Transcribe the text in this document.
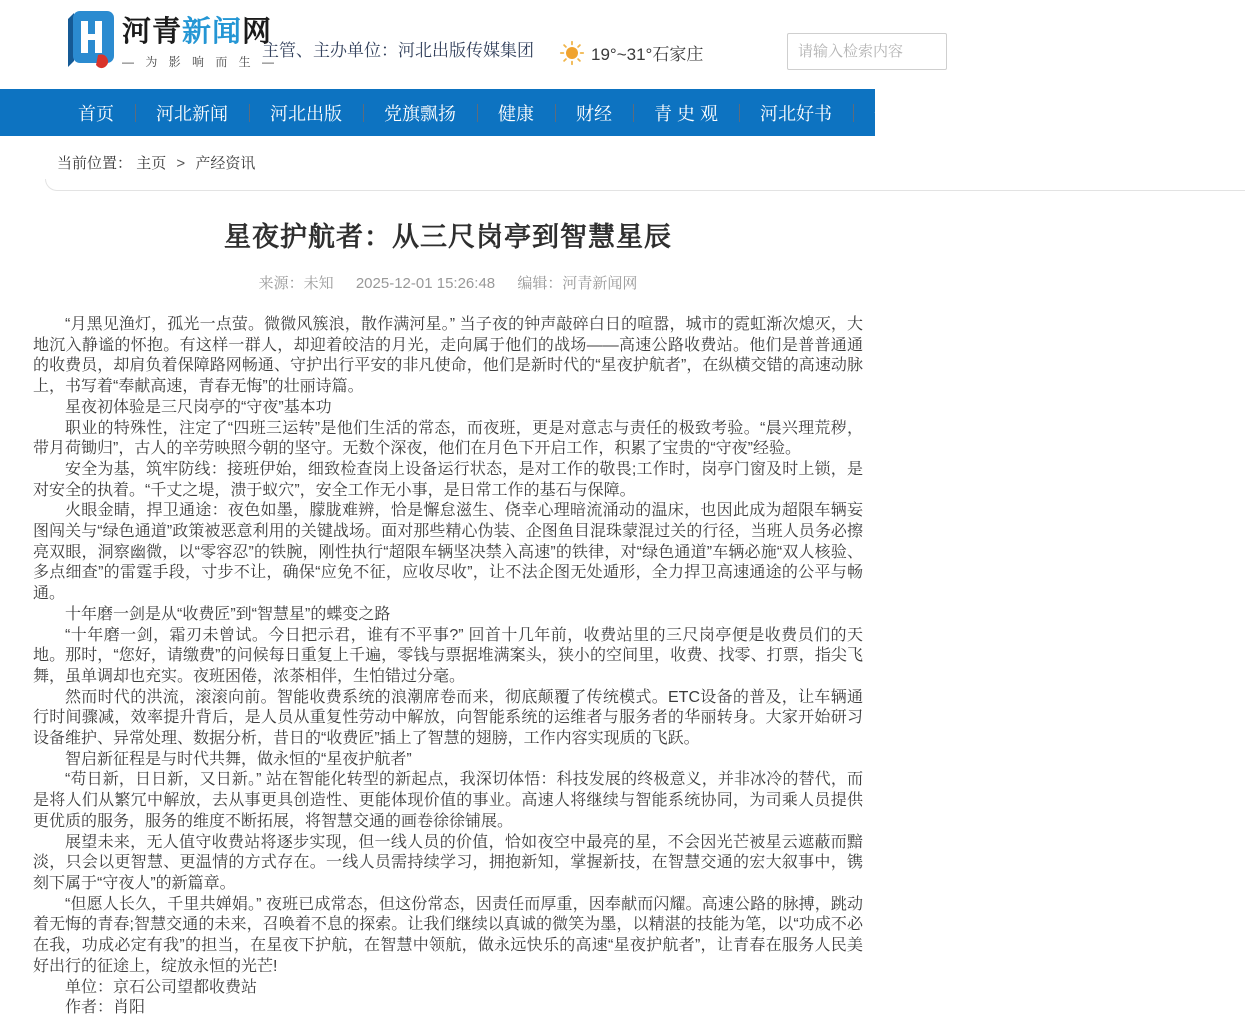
河青新闻网
— 为 影 响 而 生 —
主管、主办单位：河北出版传媒集团	19°~31°石家庄
请输入检索内容
首页	河北新闻	河北出版	党旗飘扬	健康	财经	青 史 观	河北好书	全民辟谣
当前位置： 主页 > 产经资讯
星夜护航者：从三尺岗亭到智慧星辰
来源：未知 2025-12-01 15:26:48 编辑：河青新闻网

“月黑见渔灯，孤光一点萤。微微风簇浪，散作满河星。” 当子夜的钟声敲碎白日的喧嚣，城市的霓虹渐次熄灭，大地沉入静谧的怀抱。有这样一群人，却迎着皎洁的月光，走向属于他们的战场——高速公路收费站。他们是普普通通的收费员，却肩负着保障路网畅通、守护出行平安的非凡使命，他们是新时代的“星夜护航者”，在纵横交错的高速动脉上，书写着“奉献高速，青春无悔”的壮丽诗篇。

星夜初体验是三尺岗亭的“守夜”基本功

职业的特殊性，注定了“四班三运转”是他们生活的常态，而夜班，更是对意志与责任的极致考验。“晨兴理荒秽，带月荷锄归”，古人的辛劳映照今朝的坚守。无数个深夜，他们在月色下开启工作，积累了宝贵的“守夜”经验。

安全为基，筑牢防线：接班伊始，细致检查岗上设备运行状态，是对工作的敬畏;工作时，岗亭门窗及时上锁，是对安全的执着。“千丈之堤，溃于蚁穴”，安全工作无小事，是日常工作的基石与保障。

火眼金睛，捍卫通途：夜色如墨，朦胧难辨，恰是懈怠滋生、侥幸心理暗流涌动的温床，也因此成为超限车辆妄图闯关与“绿色通道”政策被恶意利用的关键战场。面对那些精心伪装、企图鱼目混珠蒙混过关的行径，当班人员务必擦亮双眼，洞察幽微，以“零容忍”的铁腕，刚性执行“超限车辆坚决禁入高速”的铁律，对“绿色通道”车辆必施“双人核验、多点细查”的雷霆手段，寸步不让，确保“应免不征，应收尽收”，让不法企图无处遁形，全力捍卫高速通途的公平与畅通。

十年磨一剑是从“收费匠”到“智慧星”的蝶变之路

“十年磨一剑，霜刃未曾试。今日把示君，谁有不平事?” 回首十几年前，收费站里的三尺岗亭便是收费员们的天地。那时，“您好，请缴费”的问候每日重复上千遍，零钱与票据堆满案头，狭小的空间里，收费、找零、打票，指尖飞舞，虽单调却也充实。夜班困倦，浓茶相伴，生怕错过分毫。

然而时代的洪流，滚滚向前。智能收费系统的浪潮席卷而来，彻底颠覆了传统模式。ETC设备的普及，让车辆通行时间骤减，效率提升背后，是人员从重复性劳动中解放，向智能系统的运维者与服务者的华丽转身。大家开始研习设备维护、异常处理、数据分析，昔日的“收费匠”插上了智慧的翅膀，工作内容实现质的飞跃。

智启新征程是与时代共舞，做永恒的“星夜护航者”

“苟日新，日日新，又日新。” 站在智能化转型的新起点，我深切体悟：科技发展的终极意义，并非冰冷的替代，而是将人们从繁冗中解放，去从事更具创造性、更能体现价值的事业。高速人将继续与智能系统协同，为司乘人员提供更优质的服务，服务的维度不断拓展，将智慧交通的画卷徐徐铺展。

展望未来，无人值守收费站将逐步实现，但一线人员的价值，恰如夜空中最亮的星，不会因光芒被星云遮蔽而黯淡，只会以更智慧、更温情的方式存在。一线人员需持续学习，拥抱新知，掌握新技，在智慧交通的宏大叙事中，镌刻下属于“守夜人”的新篇章。

“但愿人长久，千里共婵娟。” 夜班已成常态，但这份常态，因责任而厚重，因奉献而闪耀。高速公路的脉搏，跳动着无悔的青春;智慧交通的未来，召唤着不息的探索。让我们继续以真诚的微笑为墨，以精湛的技能为笔，以“功成不必在我，功成必定有我”的担当，在星夜下护航，在智慧中领航，做永远快乐的高速“星夜护航者”，让青春在服务人民美好出行的征途上，绽放永恒的光芒!

单位：京石公司望都收费站

作者：肖阳
